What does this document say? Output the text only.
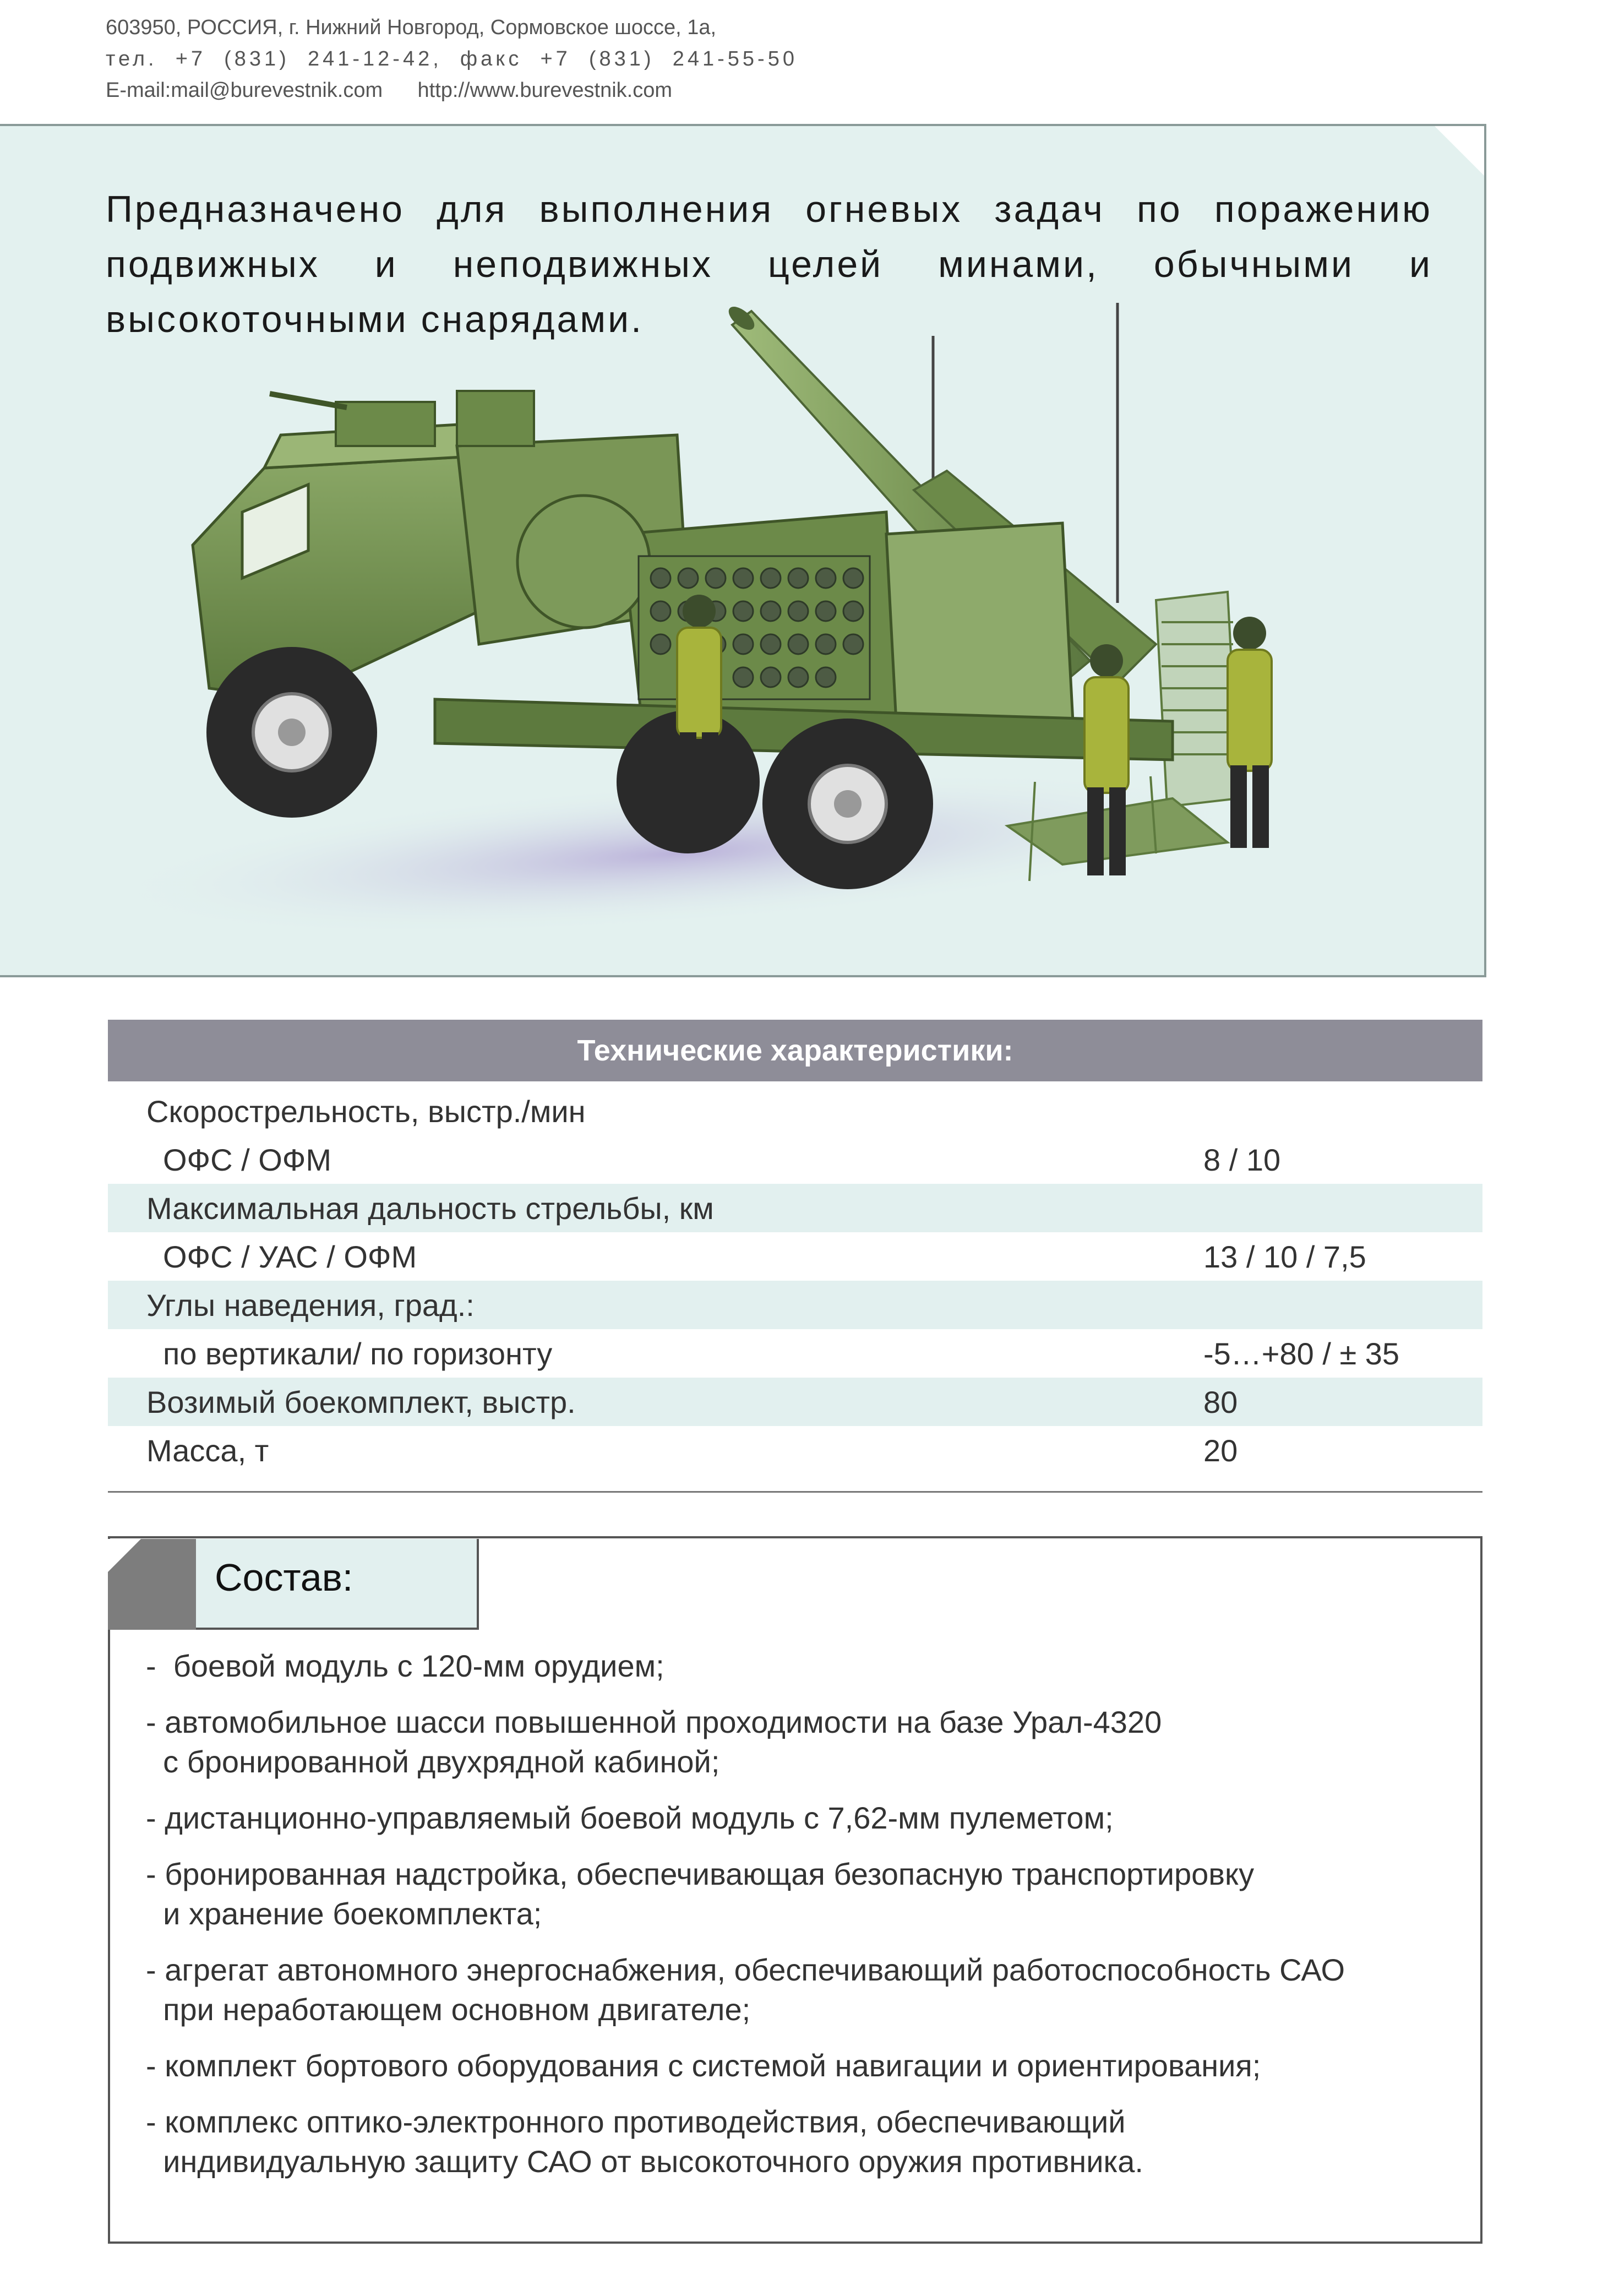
603950, РОССИЯ, г. Нижний Новгород, Сормовское шоссе, 1а,
тел.  +7  (831)  241-12-42,  факс  +7  (831)  241-55-50
E-mail:mail@burevestnik.com http://www.burevestnik.com
Предназначено для выполнения огневых задач по поражению подвижных и неподвижных целей минами, обычными и высокоточными снарядами.
Технические характеристики:
Скорострельность, выстр./мин
ОФС / ОФМ	8 / 10
Максимальная дальность стрельбы, км
ОФС / УАС / ОФМ	13 / 10 / 7,5
Углы наведения, град.:
по вертикали/ по горизонту	-5…+80 / ± 35
Возимый боекомплект, выстр.	80
Масса, т	20
Состав:
-  боевой модуль с 120-мм орудием;
- автомобильное шасси повышенной проходимости на базе Урал-4320
с бронированной двухрядной кабиной;
- дистанционно-управляемый боевой модуль с 7,62-мм пулеметом;
- бронированная надстройка, обеспечивающая безопасную транспортировку
и хранение боекомплекта;
- агрегат автономного энергоснабжения, обеспечивающий работоспособность САО
при неработающем основном двигателе;
- комплект бортового оборудования с системой навигации и ориентирования;
- комплекс оптико-электронного противодействия, обеспечивающий
индивидуальную защиту САО от высокоточного оружия противника.
